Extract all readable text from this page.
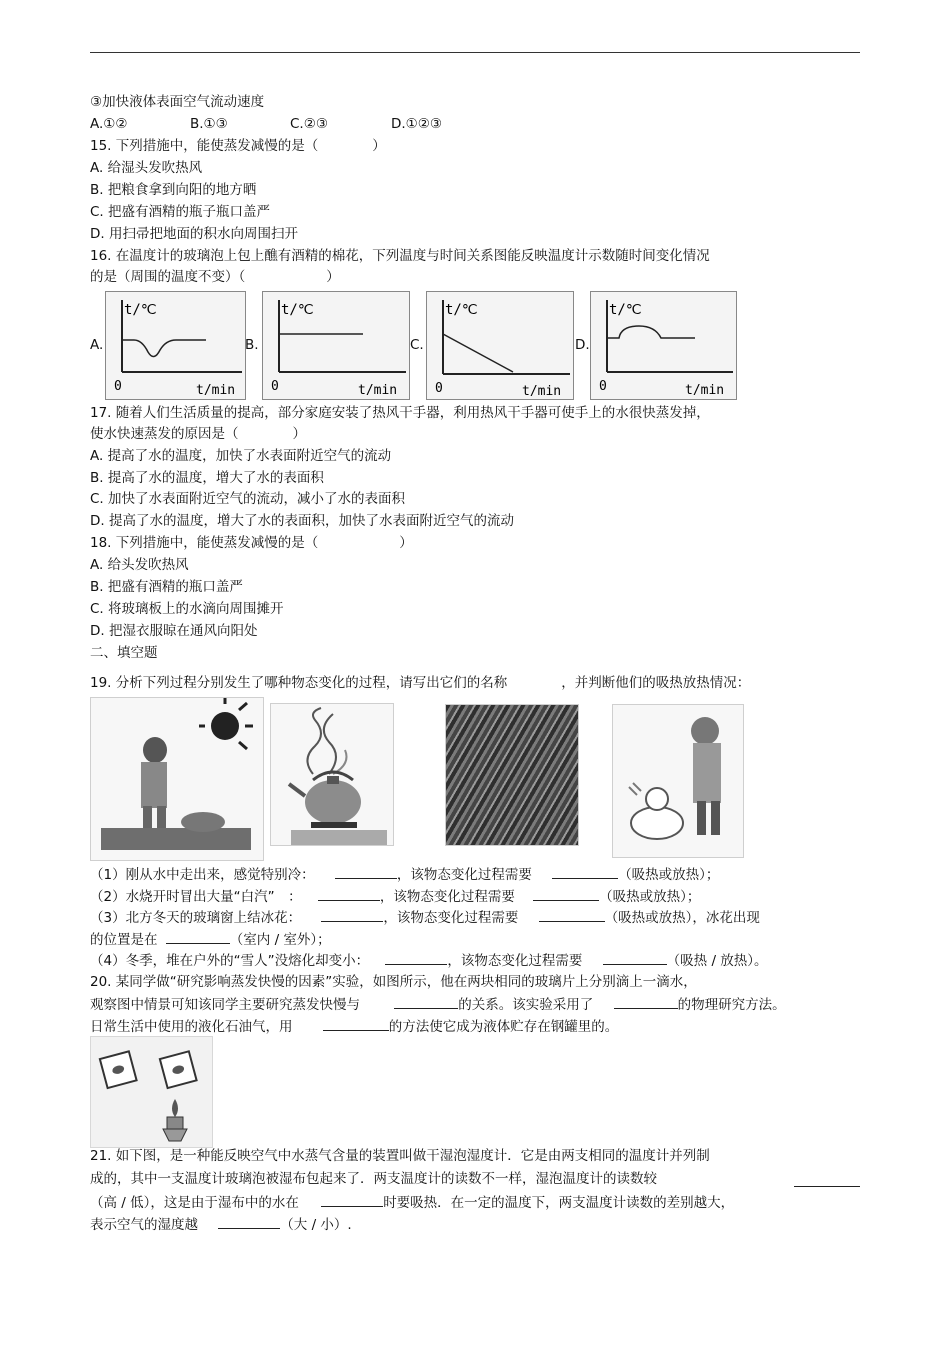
③加快液体表面空气流动速度
A.①②	B.①③	C.②③	D.①②③
15. 下列措施中，能使蒸发减慢的是（　　　　）
A. 给湿头发吹热风
B. 把粮食拿到向阳的地方晒
C. 把盛有酒精的瓶子瓶口盖严
D. 用扫帚把地面的积水向周围扫开
16. 在温度计的玻璃泡上包上醮有酒精的棉花，下列温度与时间关系图能反映温度计示数随时间变化情况
的是（周围的温度不变）（　　　　　　）
A.	B.	C.	D.
t/℃
0	t/min
t/℃
0	t/min
t/℃
0	t/min
t/℃
0	t/min
17. 随着人们生活质量的提高，部分家庭安装了热风干手器，利用热风干手器可使手上的水很快蒸发掉，
使水快速蒸发的原因是（　　　　）
A. 提高了水的温度，加快了水表面附近空气的流动
B. 提高了水的温度，增大了水的表面积
C. 加快了水表面附近空气的流动，减小了水的表面积
D. 提高了水的温度，增大了水的表面积，加快了水表面附近空气的流动
18. 下列措施中，能使蒸发减慢的是（　　　　　　）
A. 给头发吹热风
B. 把盛有酒精的瓶口盖严
C. 将玻璃板上的水滴向周围摊开
D. 把湿衣服晾在通风向阳处
二、填空题
19. 分析下列过程分别发生了哪种物态变化的过程，请写出它们的名称	，并判断他们的吸热放热情况：
（1）刚从水中走出来，感觉特别冷：	，该物态变化过程需要	（吸热或放热）；
（2）水烧开时冒出大量“白汽”　：	，该物态变化过程需要	（吸热或放热）；
（3）北方冬天的玻璃窗上结冰花：	，该物态变化过程需要	（吸热或放热），冰花出现
的位置是在	（室内 / 室外）；
（4）冬季，堆在户外的“雪人”没熔化却变小：	，该物态变化过程需要	（吸热 / 放热）。
20. 某同学做“研究影响蒸发快慢的因素”实验，如图所示，他在两块相同的玻璃片上分别滴上一滴水，
观察图中情景可知该同学主要研究蒸发快慢与	的关系。该实验采用了	的物理研究方法。
日常生活中使用的液化石油气，用	的方法使它成为液体贮存在钢罐里的。
21. 如下图，是一种能反映空气中水蒸气含量的装置叫做干湿泡湿度计．它是由两支相同的温度计并列制
成的，其中一支温度计玻璃泡被湿布包起来了．两支温度计的读数不一样，湿泡温度计的读数较
（高 / 低），这是由于湿布中的水在	时要吸热．在一定的温度下，两支温度计读数的差别越大，
表示空气的湿度越	（大 / 小）.
